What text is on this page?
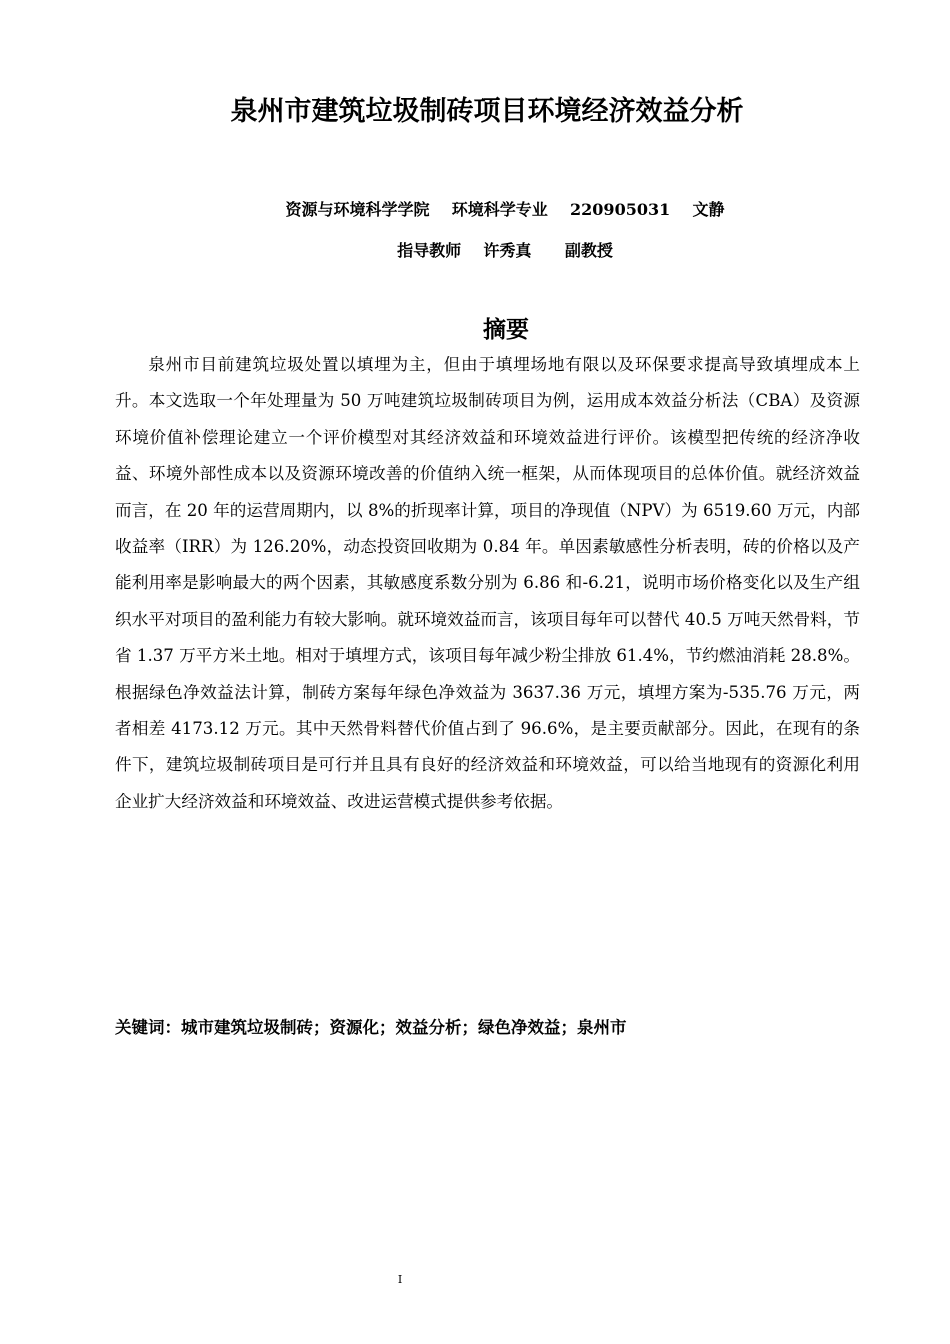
泉州市建筑垃圾制砖项目环境经济效益分析

资源与环境科学学院    环境科学专业    220905031    文静

指导教师    许秀真      副教授

摘要

泉州市目前建筑垃圾处置以填埋为主，但由于填埋场地有限以及环保要求提高导致填埋成本上升。本文选取一个年处理量为 50 万吨建筑垃圾制砖项目为例，运用成本效益分析法（CBA）及资源环境价值补偿理论建立一个评价模型对其经济效益和环境效益进行评价。该模型把传统的经济净收益、环境外部性成本以及资源环境改善的价值纳入统一框架，从而体现项目的总体价值。就经济效益而言，在 20 年的运营周期内，以 8%的折现率计算，项目的净现值（NPV）为 6519.60 万元，内部收益率（IRR）为 126.20%，动态投资回收期为 0.84 年。单因素敏感性分析表明，砖的价格以及产能利用率是影响最大的两个因素，其敏感度系数分别为 6.86 和-6.21，说明市场价格变化以及生产组织水平对项目的盈利能力有较大影响。就环境效益而言，该项目每年可以替代 40.5 万吨天然骨料，节省 1.37 万平方米土地。相对于填埋方式，该项目每年减少粉尘排放 61.4%，节约燃油消耗 28.8%。根据绿色净效益法计算，制砖方案每年绿色净效益为 3637.36 万元，填埋方案为-535.76 万元，两者相差 4173.12 万元。其中天然骨料替代价值占到了 96.6%，是主要贡献部分。因此，在现有的条件下，建筑垃圾制砖项目是可行并且具有良好的经济效益和环境效益，可以给当地现有的资源化利用企业扩大经济效益和环境效益、改进运营模式提供参考依据。

关键词：城市建筑垃圾制砖；资源化；效益分析；绿色净效益；泉州市

I
